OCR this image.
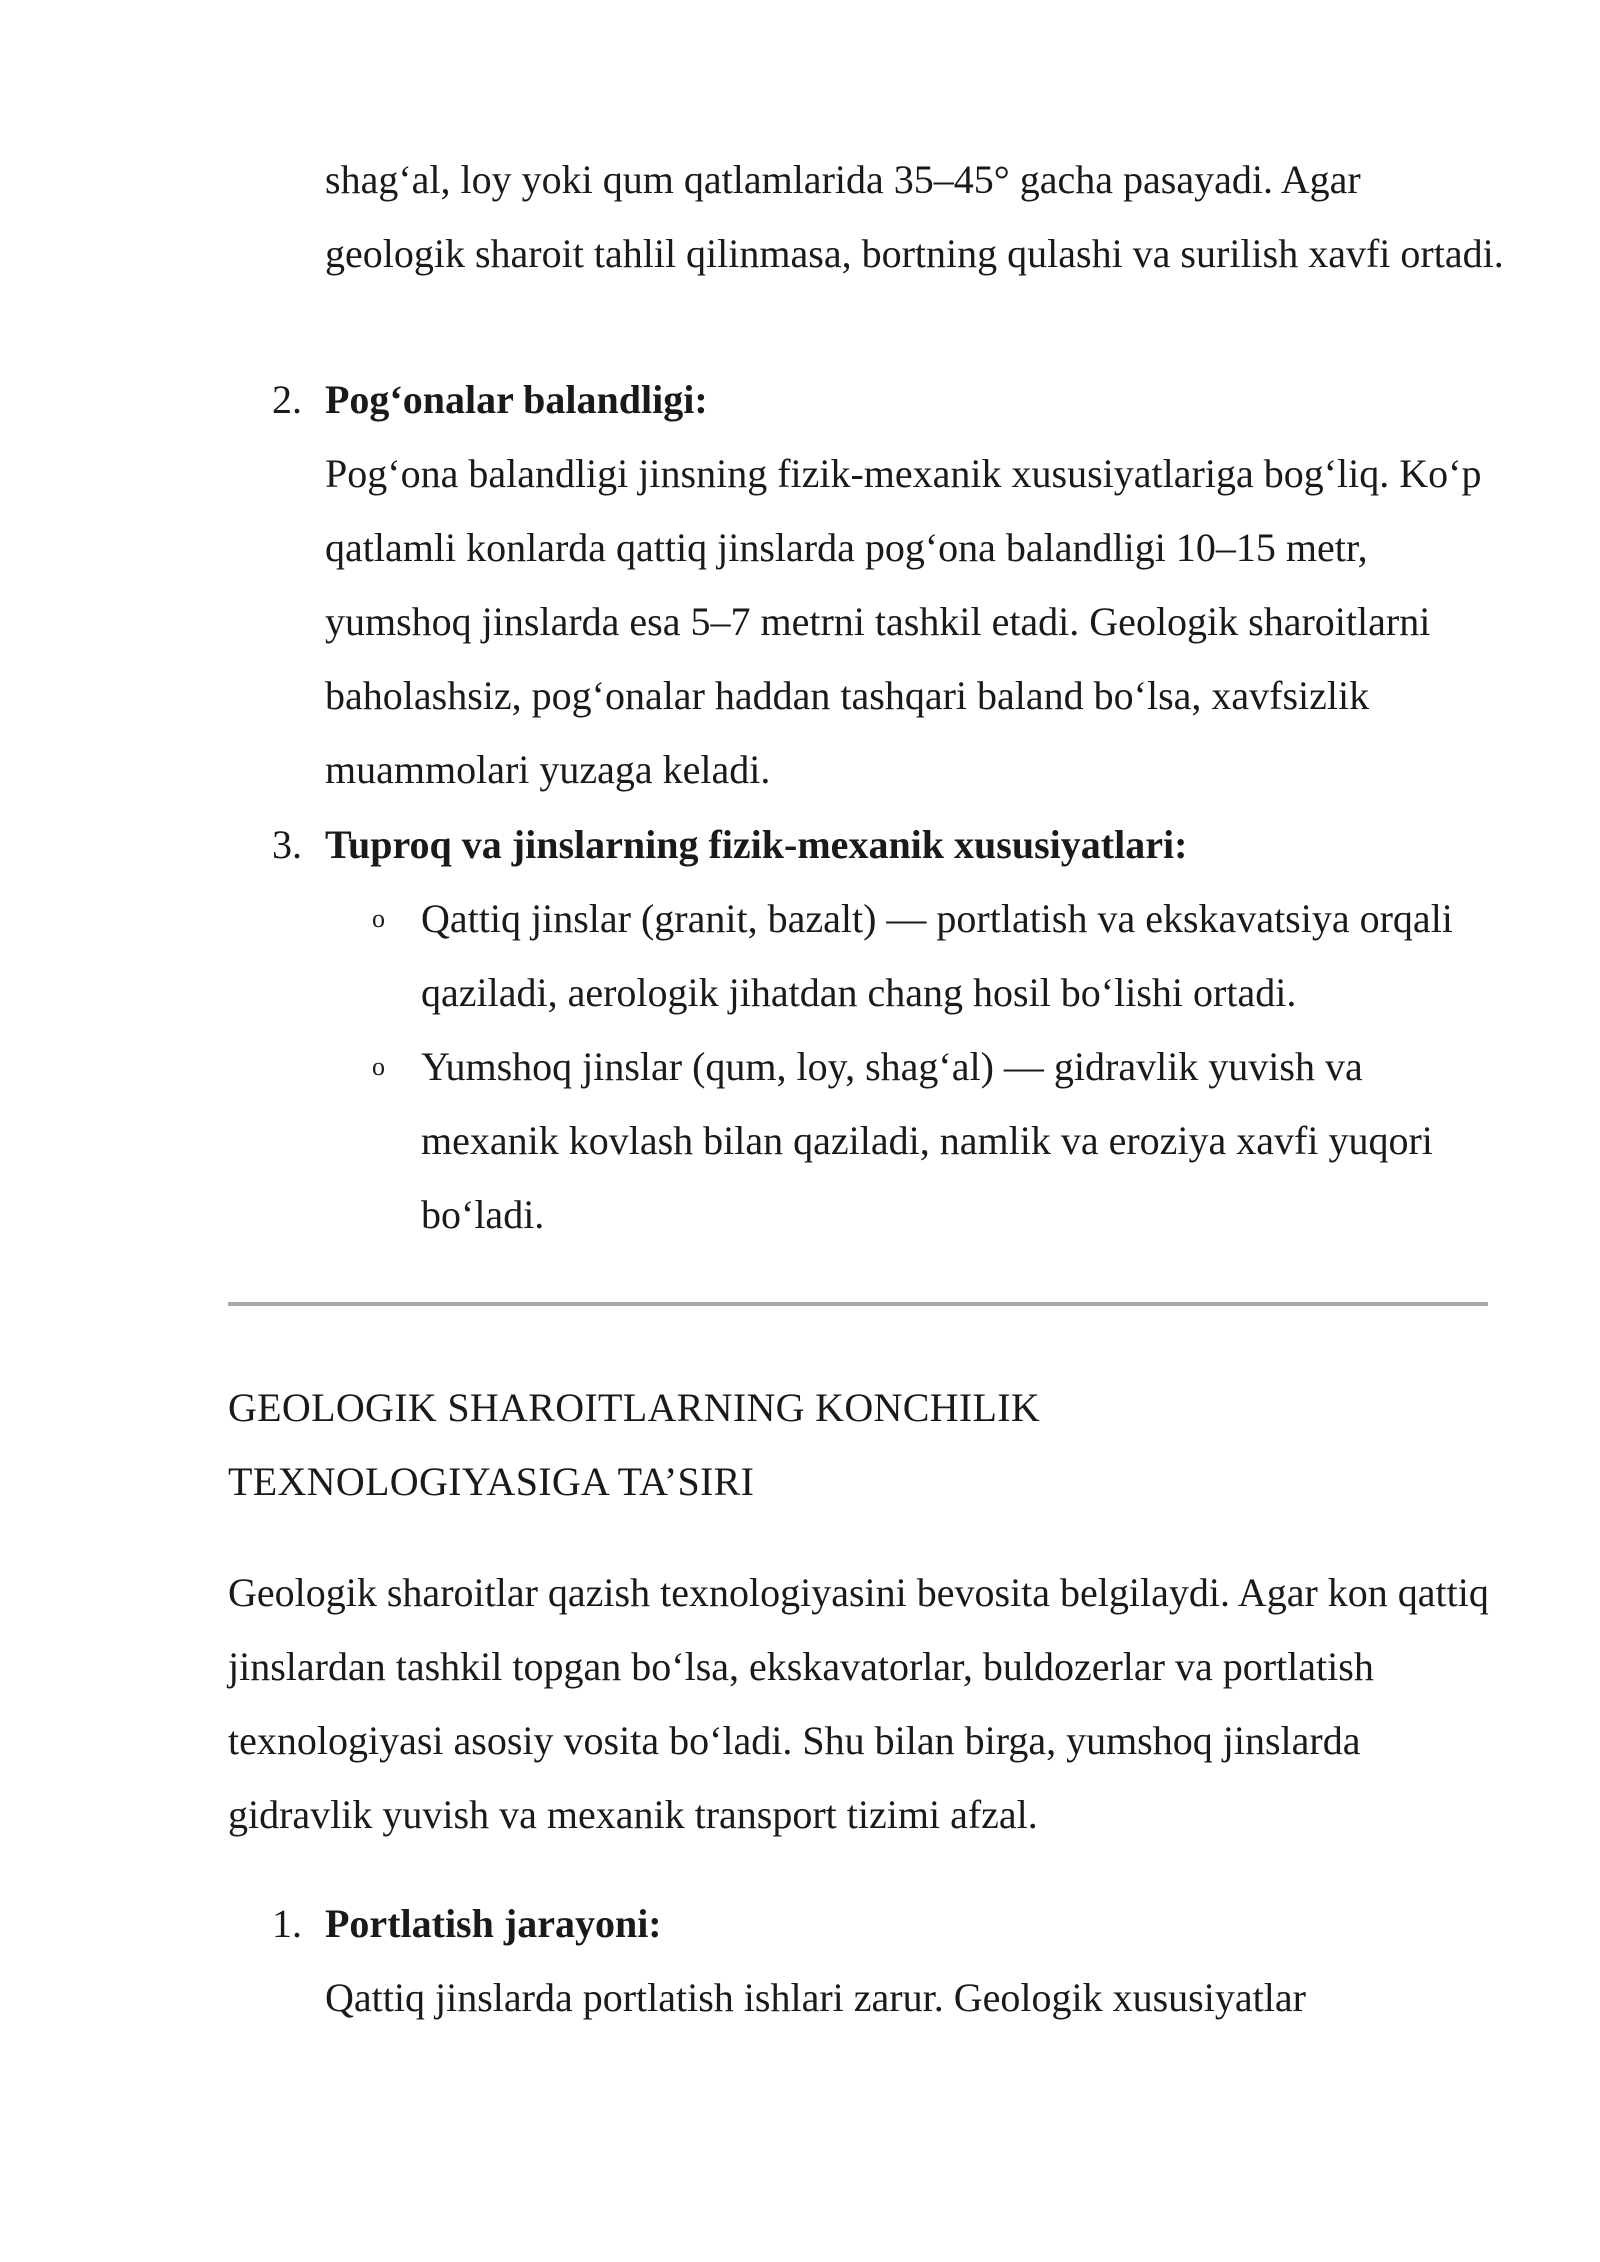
shag‘al, loy yoki qum qatlamlarida 35–45° gacha pasayadi. Agar geologik sharoit tahlil qilinmasa, bortning qulashi va surilish xavfi ortadi.

2. Pog‘onalar balandligi:

Pog‘ona balandligi jinsning fizik-mexanik xususiyatlariga bog‘liq. Ko‘p qatlamli konlarda qattiq jinslarda pog‘ona balandligi 10–15 metr, yumshoq jinslarda esa 5–7 metrni tashkil etadi. Geologik sharoitlarni baholashsiz, pog‘onalar haddan tashqari baland bo‘lsa, xavfsizlik muammolari yuzaga keladi.

3. Tuproq va jinslarning fizik-mexanik xususiyatlari:

o Qattiq jinslar (granit, bazalt) — portlatish va ekskavatsiya orqali qaziladi, aerologik jihatdan chang hosil bo‘lishi ortadi.

o Yumshoq jinslar (qum, loy, shag‘al) — gidravlik yuvish va mexanik kovlash bilan qaziladi, namlik va eroziya xavfi yuqori bo‘ladi.

GEOLOGIK SHAROITLARNING KONCHILIK TEXNOLOGIYASIGA TA’SIRI

Geologik sharoitlar qazish texnologiyasini bevosita belgilaydi. Agar kon qattiq jinslardan tashkil topgan bo‘lsa, ekskavatorlar, buldozerlar va portlatish texnologiyasi asosiy vosita bo‘ladi. Shu bilan birga, yumshoq jinslarda gidravlik yuvish va mexanik transport tizimi afzal.

1. Portlatish jarayoni:

Qattiq jinslarda portlatish ishlari zarur. Geologik xususiyatlar
